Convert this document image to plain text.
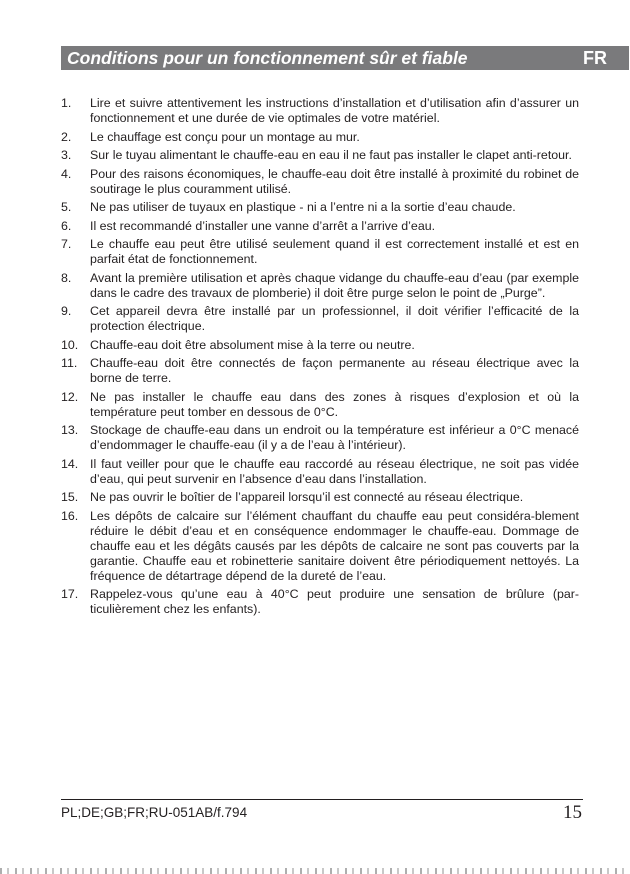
Conditions pour un fonctionnement sûr et fiable	FR
1.	Lire et suivre attentivement les instructions d’installation et d’utilisation afin d’assurer un fonctionnement et une durée de vie optimales de votre matériel.
2.	Le chauffage est conçu pour un montage au mur.
3.	Sur le tuyau alimentant le chauffe-eau en eau il ne faut pas installer le clapet anti-retour.
4.	Pour des raisons économiques, le chauffe-eau doit être installé à proximité du robinet de soutirage le plus couramment utilisé.
5.	Ne pas utiliser de tuyaux en plastique - ni a l’entre ni a la sortie d’eau chaude.
6.	Il est recommandé d’installer une vanne d’arrêt a l’arrive d’eau.
7.	Le chauffe eau peut être utilisé seulement quand il est correctement installé et est en parfait état de fonctionnement.
8.	Avant la première utilisation et après chaque vidange du chauffe-eau d’eau (par exemple dans le cadre des travaux de plomberie) il doit être purge selon le point de „Purge”.
9.	Cet appareil devra être installé par un professionnel, il doit vérifier l’efficacité de la protection électrique.
10. Chauffe-eau doit être absolument mise à la terre ou neutre.
11.	Chauffe-eau doit être connectés de façon permanente au réseau électrique avec la borne de terre.
12. Ne pas installer le chauffe eau dans des zones à risques d’explosion et où la température peut tomber en dessous de 0°C.
13. Stockage de chauffe-eau dans un endroit ou la température est inférieur a 0°C menacé d’endommager le chauffe-eau (il y a de l’eau à l’intérieur).
14. Il faut veiller pour que le chauffe eau raccordé au réseau électrique, ne soit pas vidée d’eau, qui peut survenir en l’absence d’eau dans l’installation.
15. Ne pas ouvrir le boîtier de l’appareil lorsqu’il est connecté au réseau électrique.
16. Les dépôts de calcaire sur l’élément chauffant du chauffe eau peut considéra-blement réduire le débit d’eau et en conséquence endommager le chauffe-eau. Dommage de chauffe eau et les dégâts causés par les dépôts de calcaire ne sont pas couverts par la garantie. Chauffe eau et robinetterie sanitaire doivent être périodiquement nettoyés. La fréquence de détartrage dépend de la dureté de l’eau.
17. Rappelez-vous qu’une eau à 40°C peut produire une sensation de brûlure (par-ticulièrement chez les enfants).
PL;DE;GB;FR;RU-051AB/f.794	15
